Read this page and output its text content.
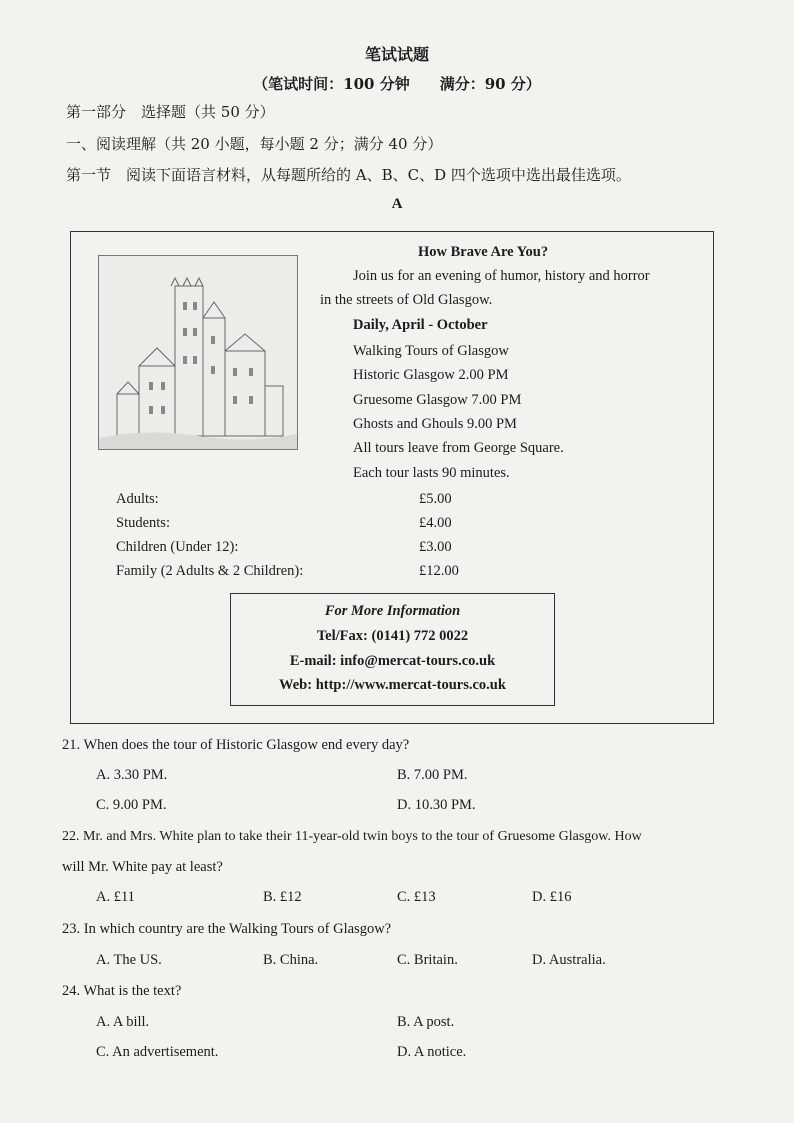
笔试试题
（笔试时间：100 分钟　　满分：90 分）
第一部分　选择题（共 50 分）
一、阅读理解（共 20 小题，每小题 2 分；满分 40 分）
第一节　阅读下面语言材料，从每题所给的 A、B、C、D 四个选项中选出最佳选项。
A
How Brave Are You?
Join us for an evening of humor, history and horror
in the streets of Old Glasgow.
Daily, April - October
Walking Tours of Glasgow
Historic Glasgow 2.00 PM
Gruesome Glasgow 7.00 PM
Ghosts and Ghouls 9.00 PM
All tours leave from George Square.
Each tour lasts 90 minutes.
Adults:	£5.00
Students:	£4.00
Children (Under 12):	£3.00
Family (2 Adults & 2 Children):	£12.00
For More Information
Tel/Fax: (0141) 772 0022
E-mail: info@mercat-tours.co.uk
Web: http://www.mercat-tours.co.uk
21. When does the tour of Historic Glasgow end every day?
A. 3.30 PM.	B. 7.00 PM.
C. 9.00 PM.	D. 10.30 PM.
22. Mr. and Mrs. White plan to take their 11-year-old twin boys to the tour of Gruesome Glasgow. How
will Mr. White pay at least?
A. £11	B. £12	C. £13	D. £16
23. In which country are the Walking Tours of Glasgow?
A. The US.	B. China.	C. Britain.	D. Australia.
24. What is the text?
A. A bill.	B. A post.
C. An advertisement.	D. A notice.
